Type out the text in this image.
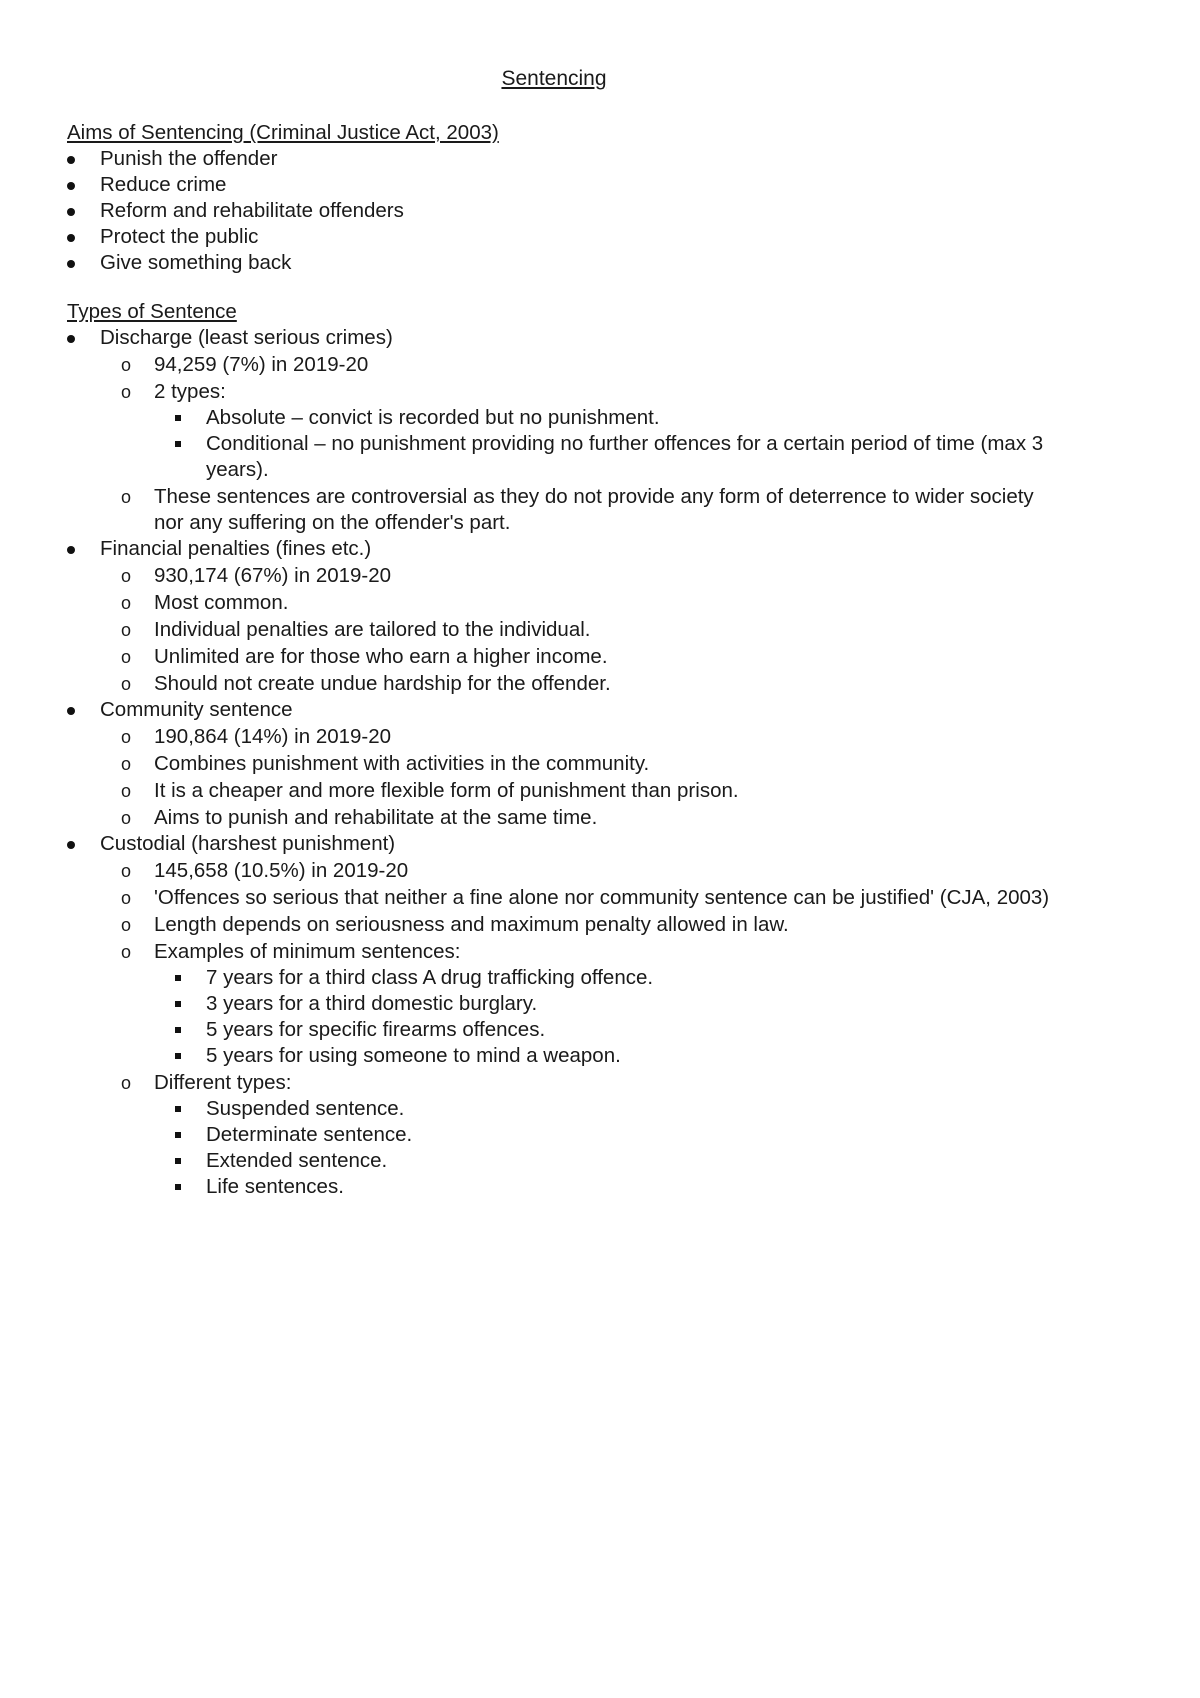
Sentencing
Aims of Sentencing (Criminal Justice Act, 2003)
Punish the offender
Reduce crime
Reform and rehabilitate offenders
Protect the public
Give something back
Types of Sentence
Discharge (least serious crimes)
o 94,259 (7%) in 2019-20
o 2 types:
Absolute – convict is recorded but no punishment.
Conditional – no punishment providing no further offences for a certain period of time (max 3 years).
o These sentences are controversial as they do not provide any form of deterrence to wider society nor any suffering on the offender's part.
Financial penalties (fines etc.)
o 930,174 (67%) in 2019-20
o Most common.
o Individual penalties are tailored to the individual.
o Unlimited are for those who earn a higher income.
o Should not create undue hardship for the offender.
Community sentence
o 190,864 (14%) in 2019-20
o Combines punishment with activities in the community.
o It is a cheaper and more flexible form of punishment than prison.
o Aims to punish and rehabilitate at the same time.
Custodial (harshest punishment)
o 145,658 (10.5%) in 2019-20
o 'Offences so serious that neither a fine alone nor community sentence can be justified' (CJA, 2003)
o Length depends on seriousness and maximum penalty allowed in law.
o Examples of minimum sentences:
7 years for a third class A drug trafficking offence.
3 years for a third domestic burglary.
5 years for specific firearms offences.
5 years for using someone to mind a weapon.
o Different types:
Suspended sentence.
Determinate sentence.
Extended sentence.
Life sentences.
